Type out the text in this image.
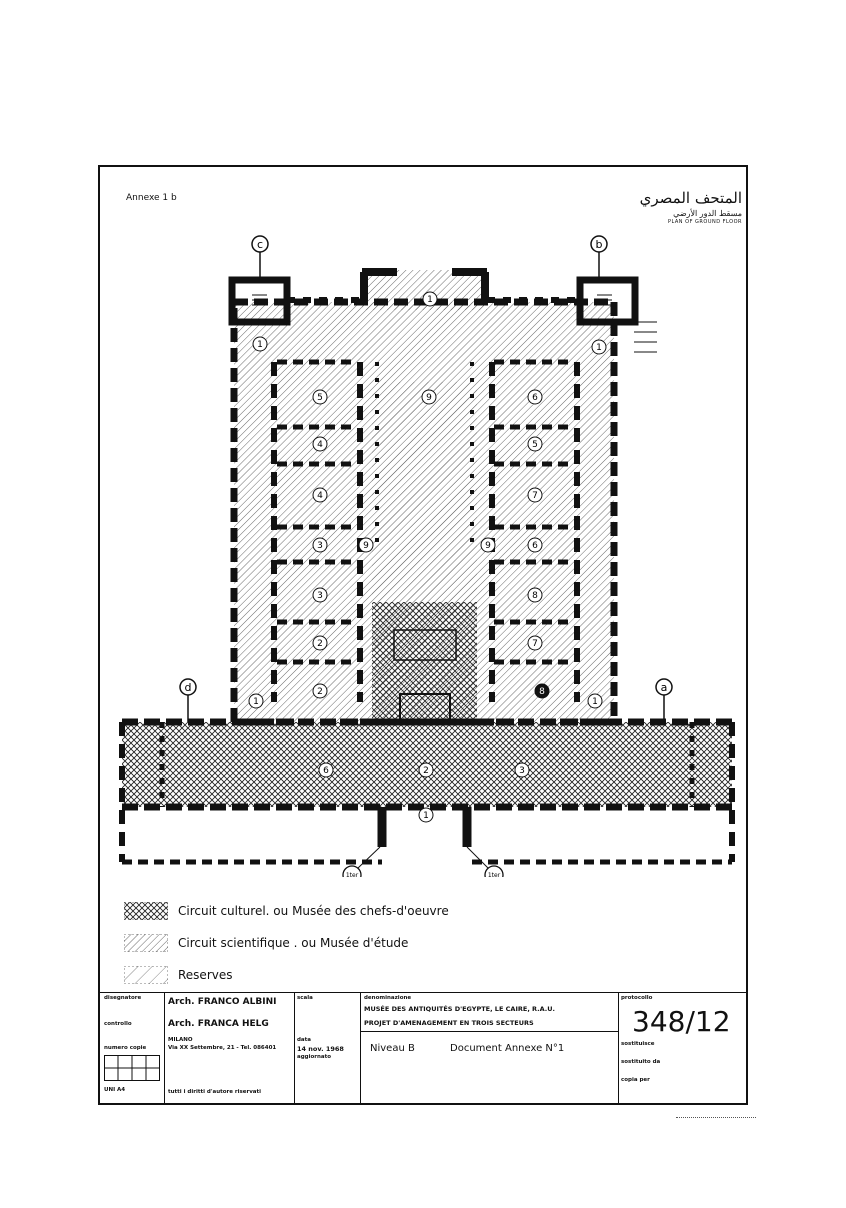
Annexe 1 b	المتحف المصري
مسقط الدور الأرضي
PLAN OF GROUND FLOOR
c	b
d	a
1
1	1
9
5
4
4
3
3
2
2
6
5
7
6
8
7
8
9	9
1	1
6	2	3
1
1ter	1ter
Circuit culturel. ou Musée des chefs-d'oeuvre
Circuit scientifique . ou Musée d'étude
Reserves
disegnatore
controllo
numero copie
UNI A4
Arch. FRANCO ALBINI
Arch. FRANCA HELG
MILANO
Via XX Settembre, 21 - Tel. 086401
tutti i diritti d'autore riservati
scala
data
14 nov. 1968
aggiornato
denominazione
MUSÉE DES ANTIQUITÉS D'EGYPTE, LE CAIRE, R.A.U.
PROJET D'AMENAGEMENT EN TROIS SECTEURS
Niveau B	Document Annexe N°1
protocollo
348/12
sostituisce
sostituito da
copia per
